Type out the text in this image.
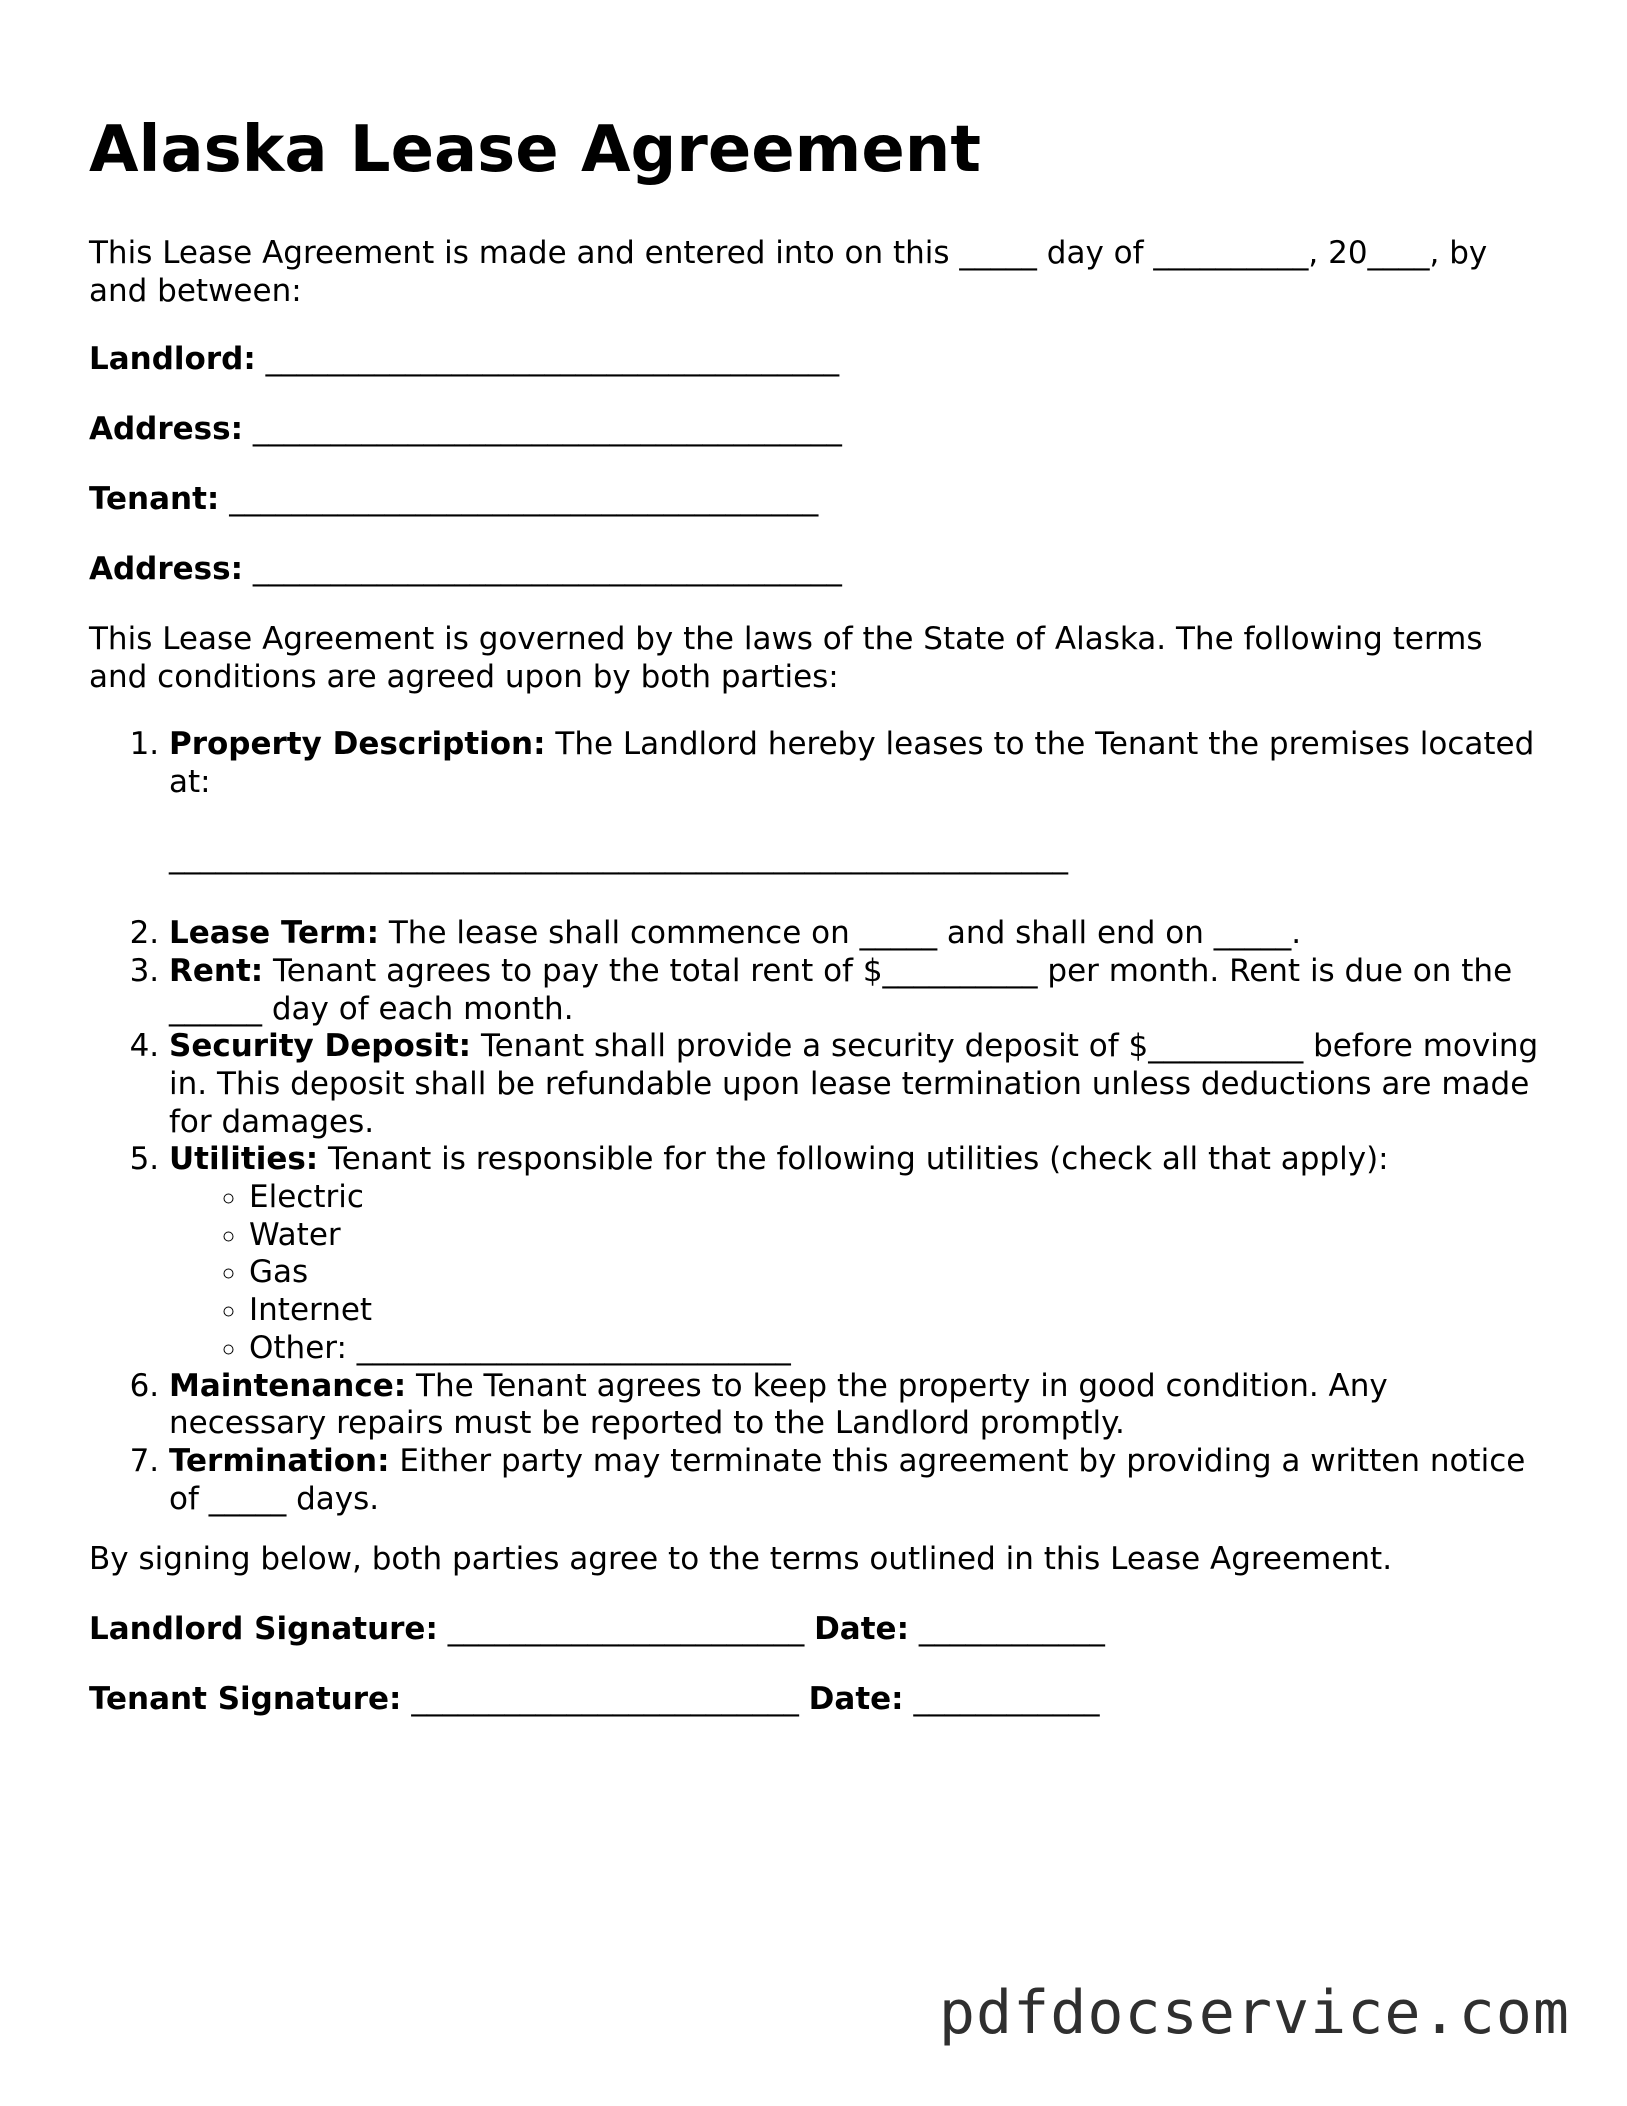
Alaska Lease Agreement

This Lease Agreement is made and entered into on this _____ day of __________, 20____, by and between:

Landlord: _____________________________________
Address: ______________________________________
Tenant: ______________________________________
Address: ______________________________________

This Lease Agreement is governed by the laws of the State of Alaska. The following terms and conditions are agreed upon by both parties:

1. Property Description: The Landlord hereby leases to the Tenant the premises located at:
__________________________________________________________
2. Lease Term: The lease shall commence on _____ and shall end on _____.
3. Rent: Tenant agrees to pay the total rent of $__________ per month. Rent is due on the ______ day of each month.
4. Security Deposit: Tenant shall provide a security deposit of $__________ before moving in. This deposit shall be refundable upon lease termination unless deductions are made for damages.
5. Utilities: Tenant is responsible for the following utilities (check all that apply):
◦ Electric
◦ Water
◦ Gas
◦ Internet
◦ Other: ____________________________
6. Maintenance: The Tenant agrees to keep the property in good condition. Any necessary repairs must be reported to the Landlord promptly.
7. Termination: Either party may terminate this agreement by providing a written notice of _____ days.

By signing below, both parties agree to the terms outlined in this Lease Agreement.

Landlord Signature: _______________________ Date: ____________
Tenant Signature: _________________________ Date: ____________
pdfdocservice.com
